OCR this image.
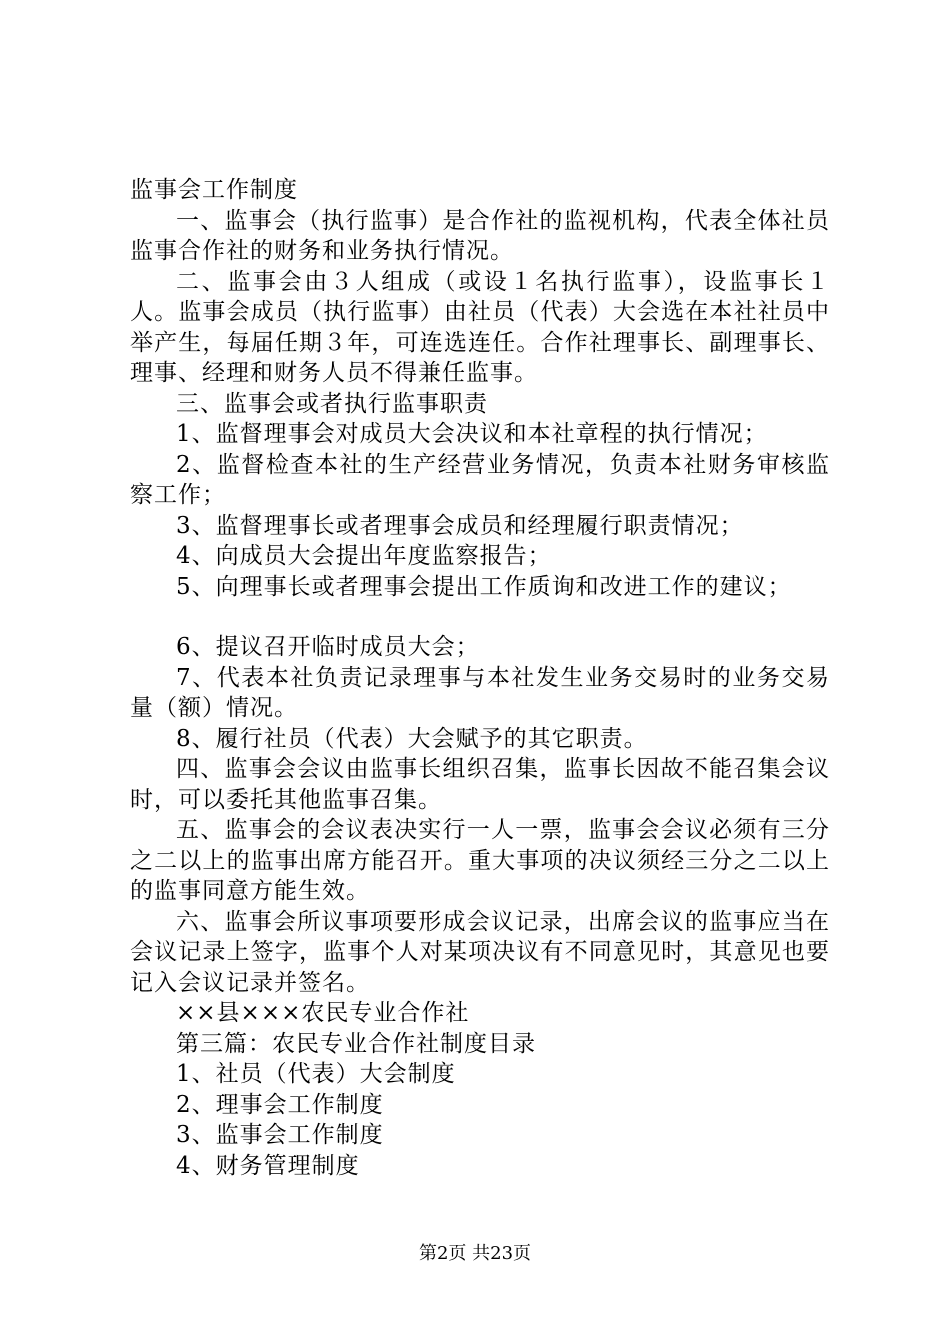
监事会工作制度

一、监事会（执行监事）是合作社的监视机构，代表全体社员监事合作社的财务和业务执行情况。

二、监事会由３人组成（或设１名执行监事），设监事长１人。监事会成员（执行监事）由社员（代表）大会选在本社社员中举产生，每届任期３年，可连选连任。合作社理事长、副理事长、理事、经理和财务人员不得兼任监事。

三、监事会或者执行监事职责

1、监督理事会对成员大会决议和本社章程的执行情况；

2、监督检查本社的生产经营业务情况，负责本社财务审核监察工作；

3、监督理事长或者理事会成员和经理履行职责情况；

4、向成员大会提出年度监察报告；

5、向理事长或者理事会提出工作质询和改进工作的建议；

6、提议召开临时成员大会；

7、代表本社负责记录理事与本社发生业务交易时的业务交易量（额）情况。

8、履行社员（代表）大会赋予的其它职责。

四、监事会会议由监事长组织召集，监事长因故不能召集会议时，可以委托其他监事召集。

五、监事会的会议表决实行一人一票，监事会会议必须有三分之二以上的监事出席方能召开。重大事项的决议须经三分之二以上的监事同意方能生效。

六、监事会所议事项要形成会议记录，出席会议的监事应当在会议记录上签字，监事个人对某项决议有不同意见时，其意见也要记入会议记录并签名。

××县×××农民专业合作社

第三篇：农民专业合作社制度目录

1、社员（代表）大会制度

2、理事会工作制度

3、监事会工作制度

4、财务管理制度

第2页 共23页
